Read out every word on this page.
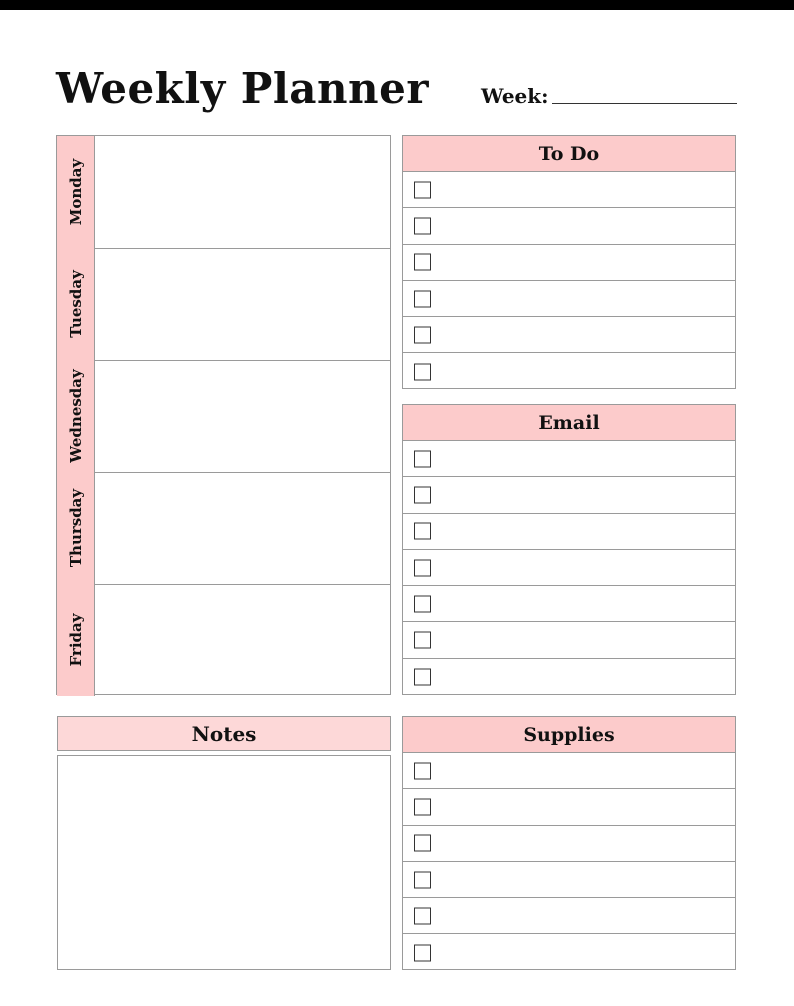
Weekly Planner	Week:
Monday
Tuesday
Wednesday
Thursday
Friday
To Do
Email
Notes	Supplies
